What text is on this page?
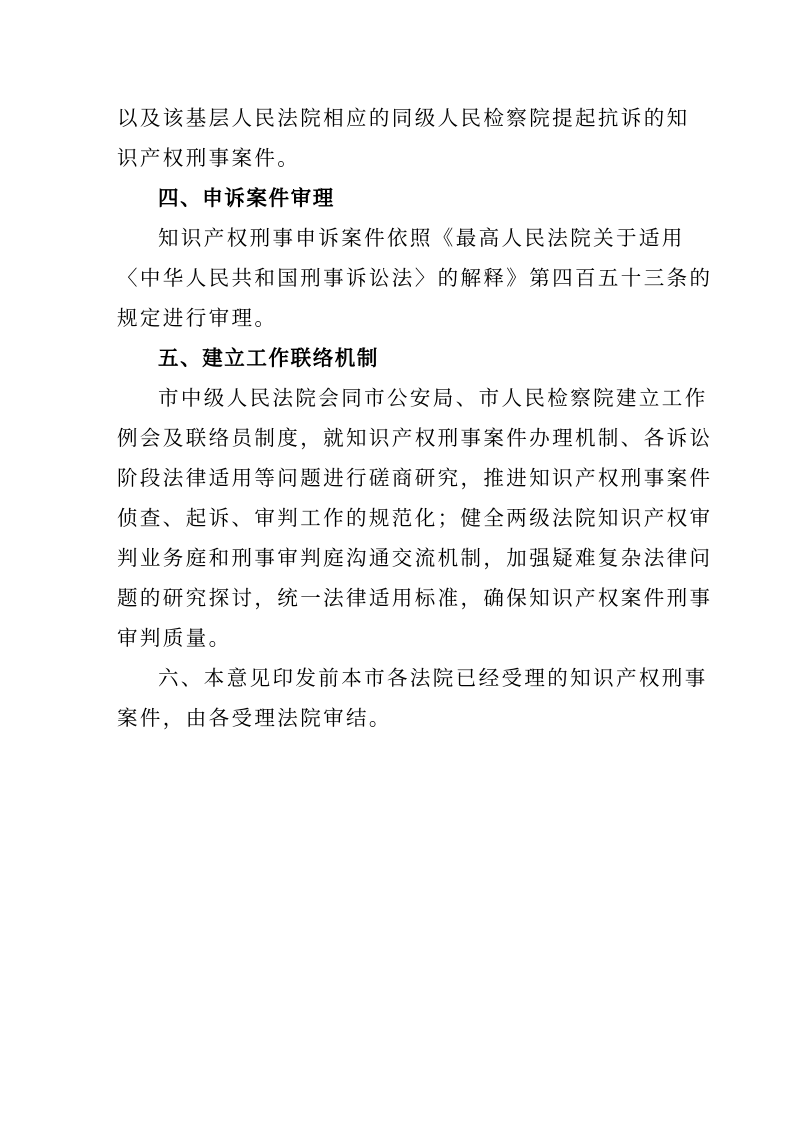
以及该基层人民法院相应的同级人民检察院提起抗诉的知
识产权刑事案件。

四、申诉案件审理

知识产权刑事申诉案件依照《最高人民法院关于适用
〈中华人民共和国刑事诉讼法〉的解释》第四百五十三条的
规定进行审理。

五、建立工作联络机制

市中级人民法院会同市公安局、市人民检察院建立工作
例会及联络员制度，就知识产权刑事案件办理机制、各诉讼
阶段法律适用等问题进行磋商研究，推进知识产权刑事案件
侦查、起诉、审判工作的规范化；健全两级法院知识产权审
判业务庭和刑事审判庭沟通交流机制，加强疑难复杂法律问
题的研究探讨，统一法律适用标准，确保知识产权案件刑事
审判质量。

六、本意见印发前本市各法院已经受理的知识产权刑事
案件，由各受理法院审结。
